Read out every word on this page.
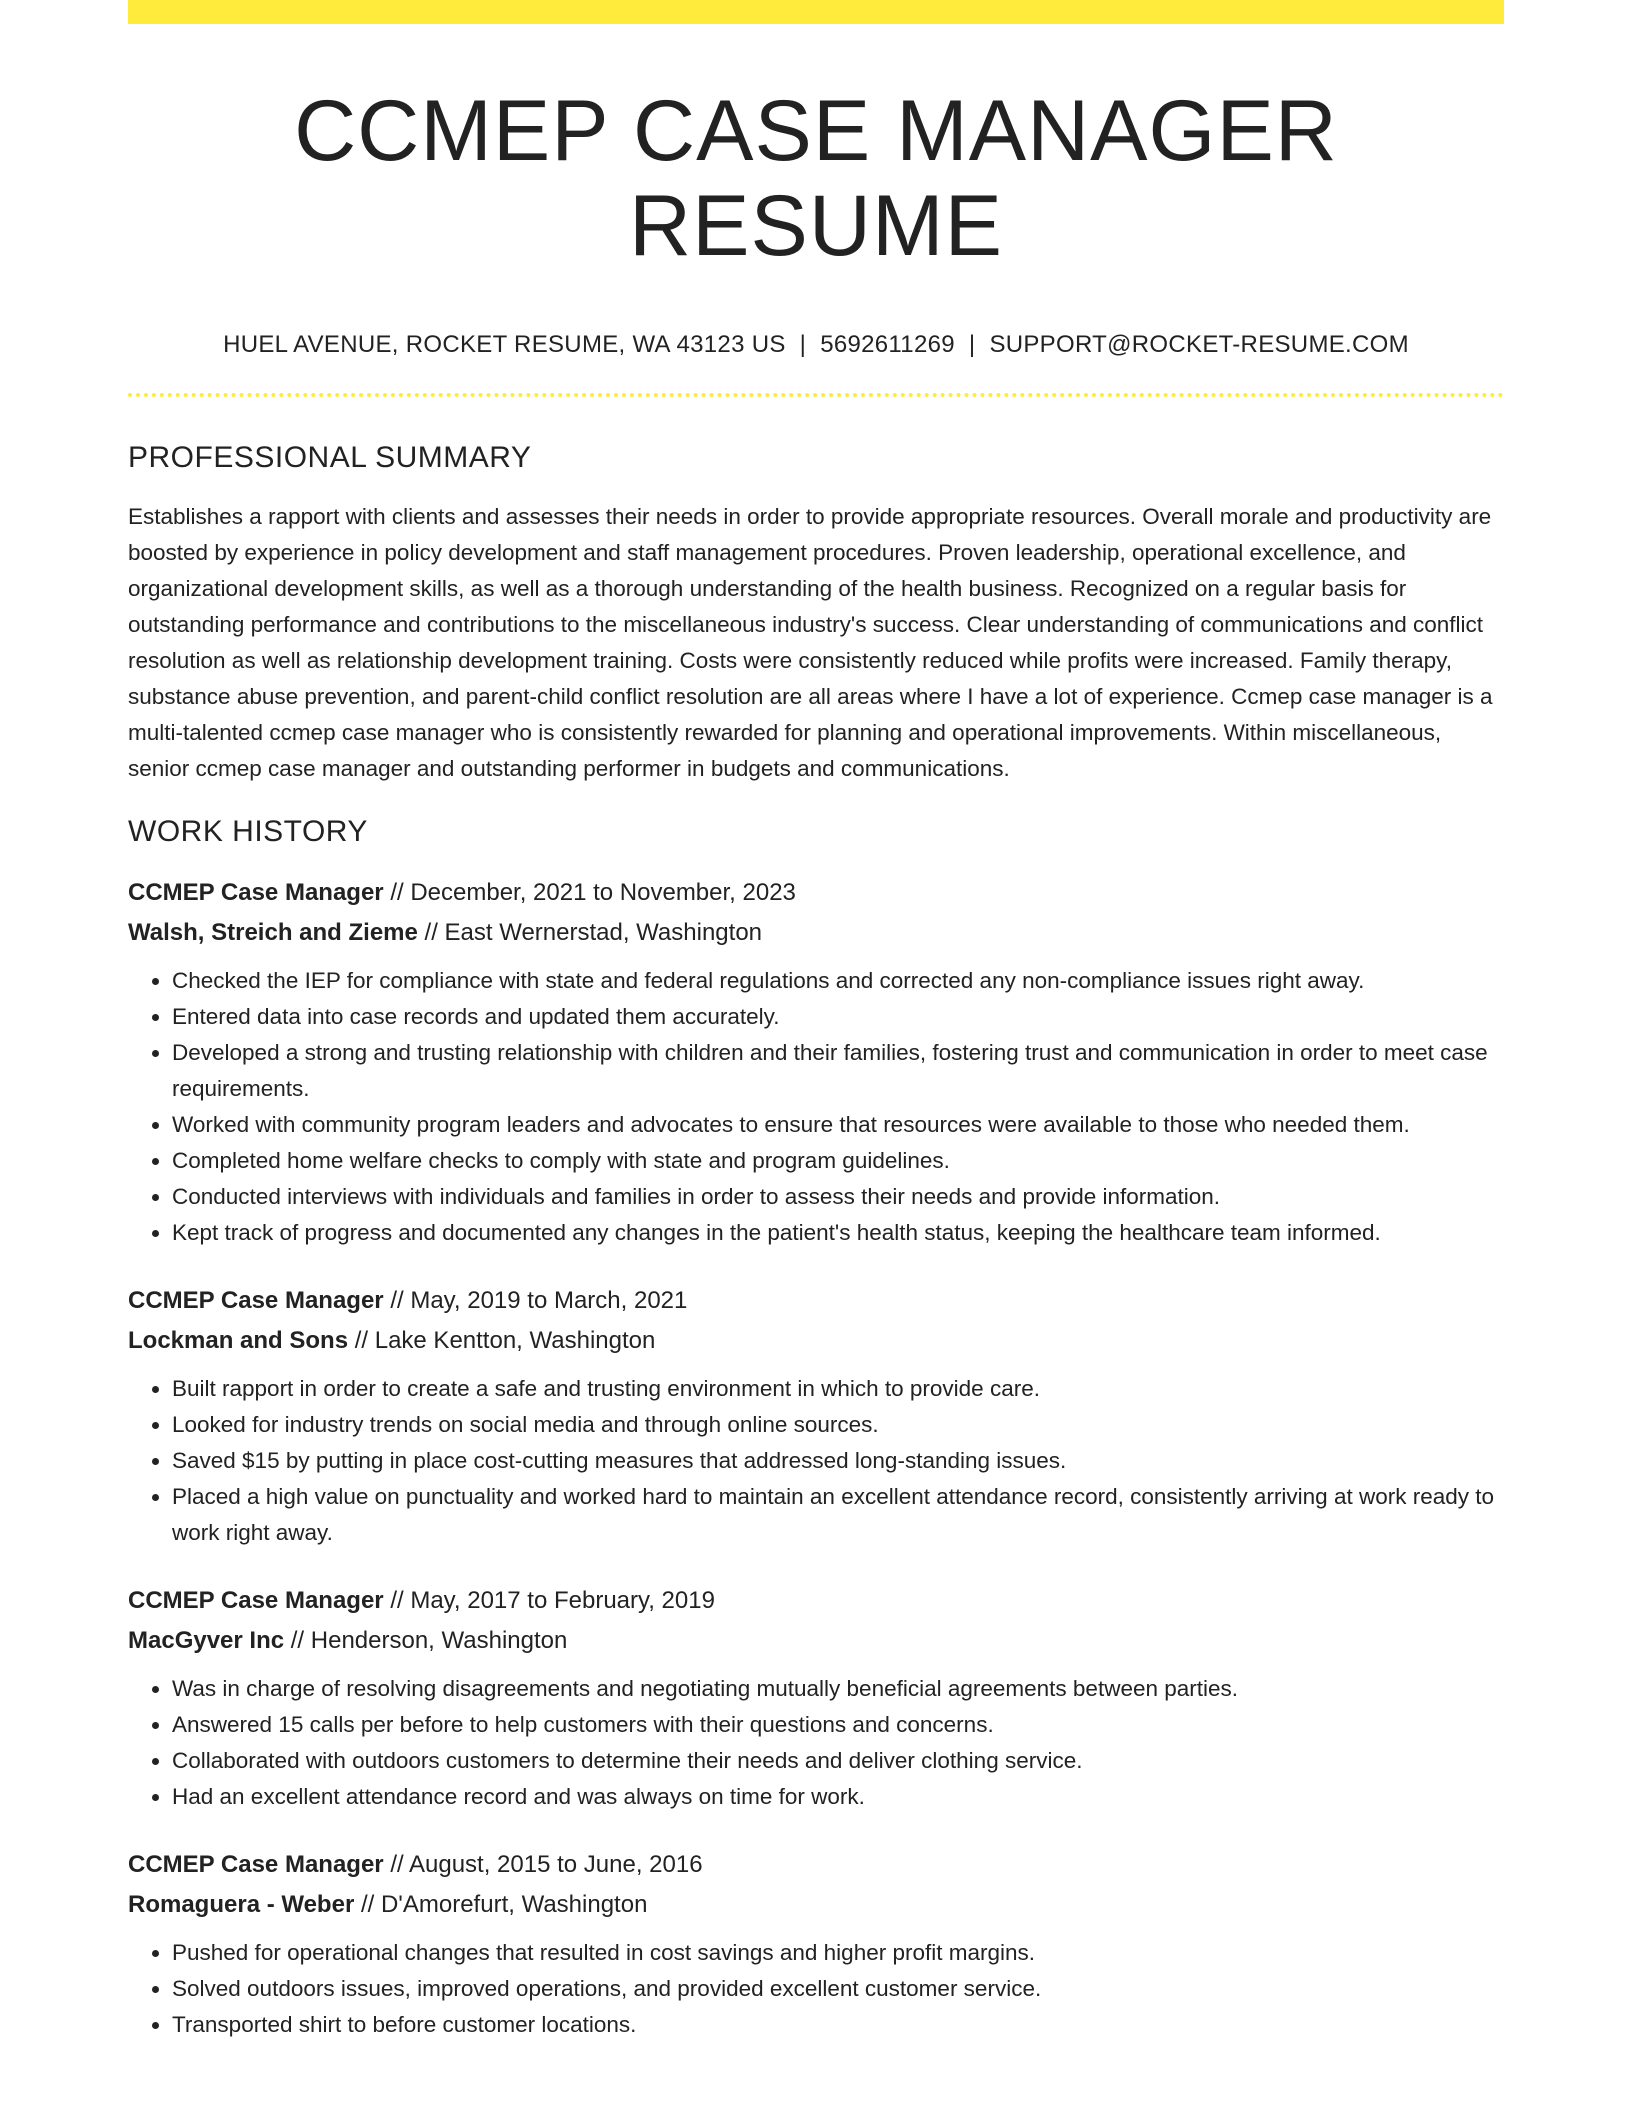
CCMEP CASE MANAGER RESUME
HUEL AVENUE, ROCKET RESUME, WA 43123 US | 5692611269 | SUPPORT@ROCKET-RESUME.COM
PROFESSIONAL SUMMARY

Establishes a rapport with clients and assesses their needs in order to provide appropriate resources. Overall morale and productivity are boosted by experience in policy development and staff management procedures. Proven leadership, operational excellence, and organizational development skills, as well as a thorough understanding of the health business. Recognized on a regular basis for outstanding performance and contributions to the miscellaneous industry's success. Clear understanding of communications and conflict resolution as well as relationship development training. Costs were consistently reduced while profits were increased. Family therapy, substance abuse prevention, and parent-child conflict resolution are all areas where I have a lot of experience. Ccmep case manager is a multi-talented ccmep case manager who is consistently rewarded for planning and operational improvements. Within miscellaneous, senior ccmep case manager and outstanding performer in budgets and communications.

WORK HISTORY
CCMEP Case Manager // December, 2021 to November, 2023
Walsh, Streich and Zieme // East Wernerstad, Washington
• Checked the IEP for compliance with state and federal regulations and corrected any non-compliance issues right away.
• Entered data into case records and updated them accurately.
• Developed a strong and trusting relationship with children and their families, fostering trust and communication in order to meet case requirements.
• Worked with community program leaders and advocates to ensure that resources were available to those who needed them.
• Completed home welfare checks to comply with state and program guidelines.
• Conducted interviews with individuals and families in order to assess their needs and provide information.
• Kept track of progress and documented any changes in the patient's health status, keeping the healthcare team informed.
CCMEP Case Manager // May, 2019 to March, 2021
Lockman and Sons // Lake Kentton, Washington
• Built rapport in order to create a safe and trusting environment in which to provide care.
• Looked for industry trends on social media and through online sources.
• Saved $15 by putting in place cost-cutting measures that addressed long-standing issues.
• Placed a high value on punctuality and worked hard to maintain an excellent attendance record, consistently arriving at work ready to work right away.
CCMEP Case Manager // May, 2017 to February, 2019
MacGyver Inc // Henderson, Washington
• Was in charge of resolving disagreements and negotiating mutually beneficial agreements between parties.
• Answered 15 calls per before to help customers with their questions and concerns.
• Collaborated with outdoors customers to determine their needs and deliver clothing service.
• Had an excellent attendance record and was always on time for work.
CCMEP Case Manager // August, 2015 to June, 2016
Romaguera - Weber // D'Amorefurt, Washington
• Pushed for operational changes that resulted in cost savings and higher profit margins.
• Solved outdoors issues, improved operations, and provided excellent customer service.
• Transported shirt to before customer locations.
